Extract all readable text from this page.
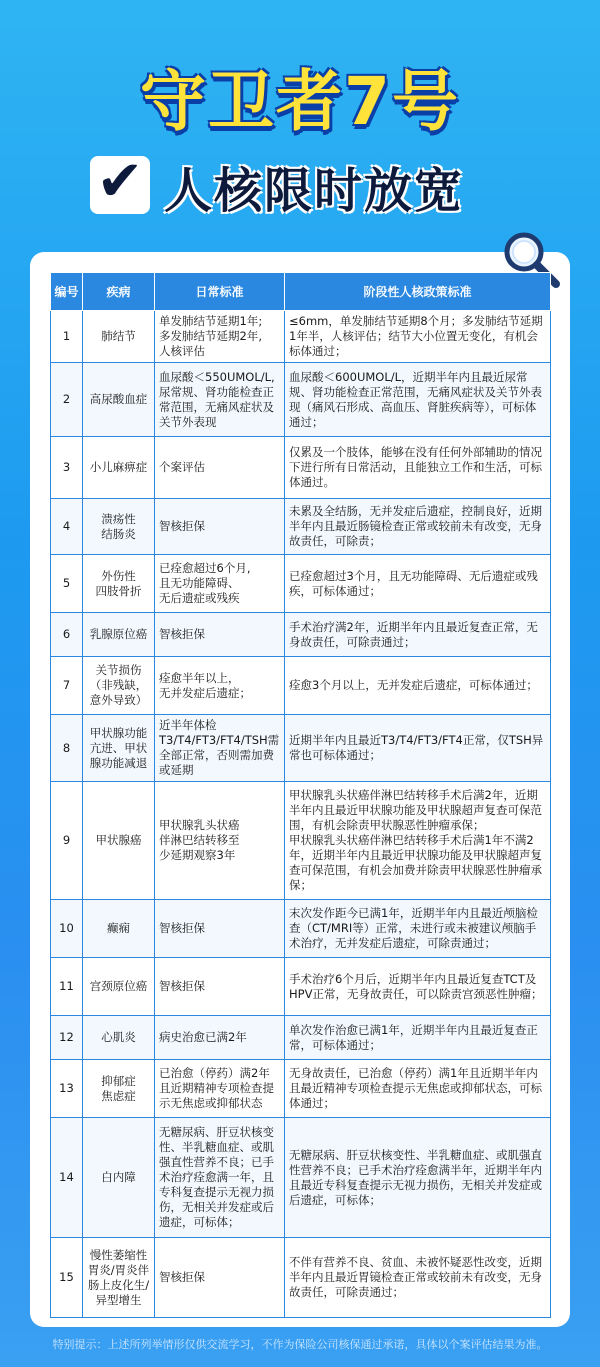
守卫者7号
✔ 人核限时放宽
编号	疾病	日常标准	阶段性人核政策标准
1	肺结节	单发肺结节延期1年;
多发肺结节延期2年,
人核评估	≤6mm，单发肺结节延期8个月；多发肺结节延期1年半，人核评估；结节大小位置无变化，有机会标体通过；
2	高尿酸血症	血尿酸＜550UMOL/L,尿常规、肾功能检查正常范围，无痛风症状及关节外表现	血尿酸＜600UMOL/L，近期半年内且最近尿常规、肾功能检查正常范围，无痛风症状及关节外表现（痛风石形成、高血压、肾脏疾病等），可标体通过；
3	小儿麻痹症	个案评估	仅累及一个肢体，能够在没有任何外部辅助的情况下进行所有日常活动，且能独立工作和生活，可标体通过。
4	溃疡性
结肠炎	智核拒保	未累及全结肠，无并发症后遗症，控制良好，近期半年内且最近肠镜检查正常或较前未有改变，无身故责任，可除责；
5	外伤性
四肢骨折	已痊愈超过6个月,
且无功能障碍、
无后遗症或残疾	已痊愈超过3个月，且无功能障碍、无后遗症或残疾，可标体通过；
6	乳腺原位癌	智核拒保	手术治疗满2年，近期半年内且最近复查正常，无身故责任，可除责通过；
7	关节损伤
（非残缺，
意外导致）	痊愈半年以上，
无并发症后遗症；	痊愈3个月以上，无并发症后遗症，可标体通过；
8	甲状腺功能亢进、甲状腺功能减退	近半年体检T3/T4/FT3/FT4/TSH需全部正常，否则需加费或延期	近期半年内且最近T3/T4/FT3/FT4正常，仅TSH异常也可标体通过；
9	甲状腺癌	甲状腺乳头状癌
伴淋巴结转移至
少延期观察3年	甲状腺乳头状癌伴淋巴结转移手术后满2年，近期半年内且最近甲状腺功能及甲状腺超声复查可保范围，有机会除责甲状腺恶性肿瘤承保；
甲状腺乳头状癌伴淋巴结转移手术后满1年不满2年，近期半年内且最近甲状腺功能及甲状腺超声复查可保范围，有机会加费并除责甲状腺恶性肿瘤承保；
10	癫痫	智核拒保	末次发作距今已满1年，近期半年内且最近颅脑检查（CT/MRI等）正常，未进行或未被建议颅脑手术治疗，无并发症后遗症，可除责通过；
11	宫颈原位癌	智核拒保	手术治疗6个月后，近期半年内且最近复查TCT及HPV正常，无身故责任，可以除责宫颈恶性肿瘤；
12	心肌炎	病史治愈已满2年	单次发作治愈已满1年，近期半年内且最近复查正常，可标体通过；
13	抑郁症
焦虑症	已治愈（停药）满2年且近期精神专项检查提示无焦虑或抑郁状态	无身故责任，已治愈（停药）满1年且近期半年内且最近精神专项检查提示无焦虑或抑郁状态，可标体通过；
14	白内障	无糖尿病、肝豆状核变性、半乳糖血症、或肌强直性营养不良；已手术治疗痊愈满一年，且专科复查提示无视力损伤，无相关并发症或后遗症，可标体；	无糖尿病、肝豆状核变性、半乳糖血症、或肌强直性营养不良；已手术治疗痊愈满半年，近期半年内且最近专科复查提示无视力损伤，无相关并发症或后遗症，可标体；
15	慢性萎缩性胃炎/胃炎伴肠上皮化生/异型增生	智核拒保	不伴有营养不良、贫血、未被怀疑恶性改变，近期半年内且最近胃镜检查正常或较前未有改变，无身故责任，可除责通过；
特别提示：上述所列举情形仅供交流学习，不作为保险公司核保通过承诺，具体以个案评估结果为准。
